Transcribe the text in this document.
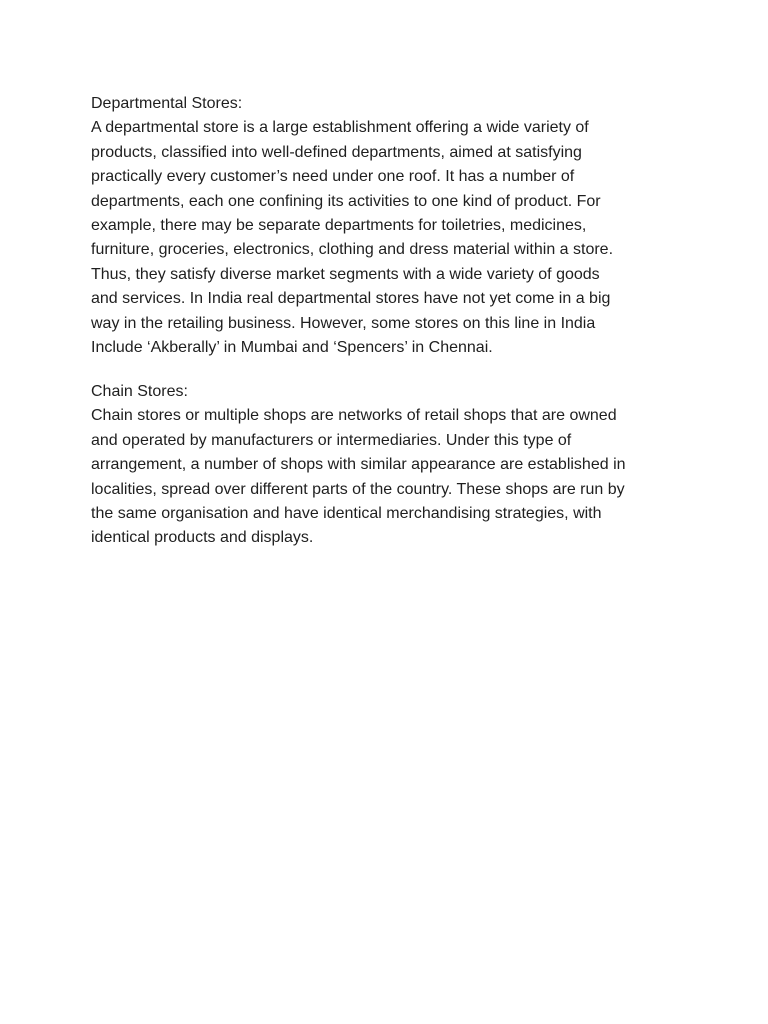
Departmental Stores:
A departmental store is a large establishment offering a wide variety of
products, classified into well-defined departments, aimed at satisfying
practically every customer’s need under one roof. It has a number of
departments, each one confining its activities to one kind of product. For
example, there may be separate departments for toiletries, medicines,
furniture, groceries, electronics, clothing and dress material within a store.
Thus, they satisfy diverse market segments with a wide variety of goods
and services. In India real departmental stores have not yet come in a big
way in the retailing business. However, some stores on this line in India
Include ‘Akberally’ in Mumbai and ‘Spencers’ in Chennai.
Chain Stores:
Chain stores or multiple shops are networks of retail shops that are owned
and operated by manufacturers or intermediaries. Under this type of
arrangement, a number of shops with similar appearance are established in
localities, spread over different parts of the country. These shops are run by
the same organisation and have identical merchandising strategies, with
identical products and displays.
